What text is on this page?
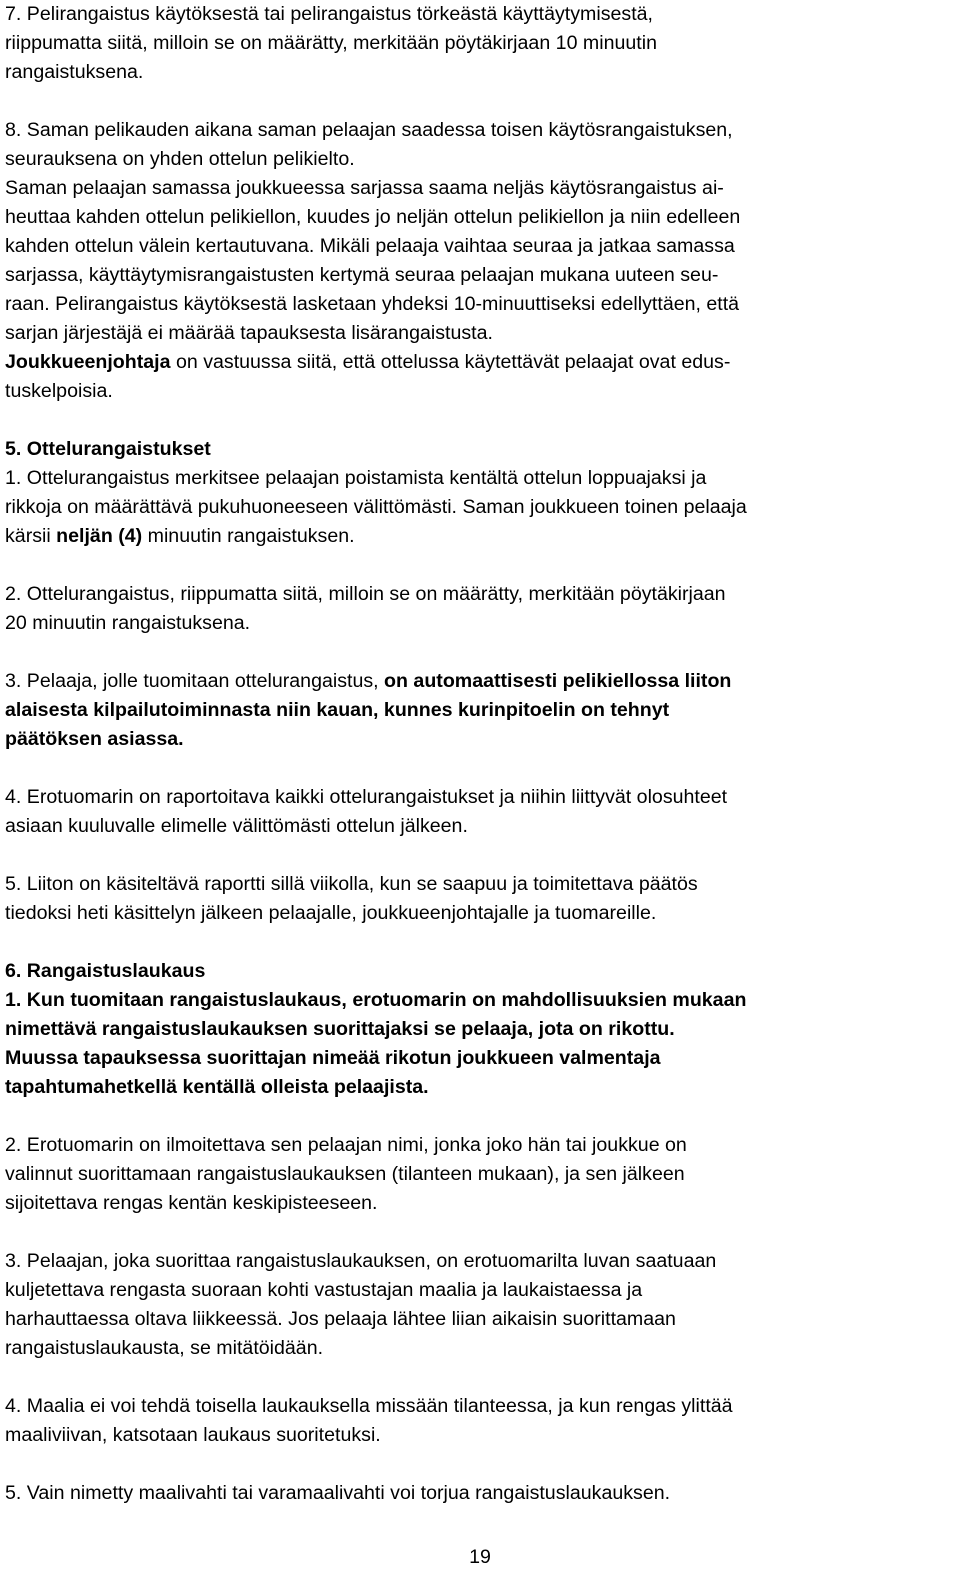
7. Pelirangaistus käytöksestä tai pelirangaistus törkeästä käyttäytymisestä,
riippumatta siitä, milloin se on määrätty, merkitään pöytäkirjaan 10 minuutin
rangaistuksena.
8. Saman pelikauden aikana saman pelaajan saadessa toisen käytösrangaistuksen,
seurauksena on yhden ottelun pelikielto.
Saman pelaajan samassa joukkueessa sarjassa saama neljäs käytösrangaistus ai-
heuttaa kahden ottelun pelikiellon, kuudes jo neljän ottelun pelikiellon ja niin edelleen
kahden ottelun välein kertautuvana. Mikäli pelaaja vaihtaa seuraa ja jatkaa samassa
sarjassa, käyttäytymisrangaistusten kertymä seuraa pelaajan mukana uuteen seu-
raan. Pelirangaistus käytöksestä lasketaan yhdeksi 10-minuuttiseksi edellyttäen, että
sarjan järjestäjä ei määrää tapauksesta lisärangaistusta.
Joukkueenjohtaja on vastuussa siitä, että ottelussa käytettävät pelaajat ovat edus-
tuskelpoisia.
5. Ottelurangaistukset
1. Ottelurangaistus merkitsee pelaajan poistamista kentältä ottelun loppuajaksi ja
rikkoja on määrättävä pukuhuoneeseen välittömästi. Saman joukkueen toinen pelaaja
kärsii neljän (4) minuutin rangaistuksen.
2. Ottelurangaistus, riippumatta siitä, milloin se on määrätty, merkitään pöytäkirjaan
20 minuutin rangaistuksena.
3. Pelaaja, jolle tuomitaan ottelurangaistus, on automaattisesti pelikiellossa liiton
alaisesta kilpailutoiminnasta niin kauan, kunnes kurinpitoelin on tehnyt
päätöksen asiassa.
4. Erotuomarin on raportoitava kaikki ottelurangaistukset ja niihin liittyvät olosuhteet
asiaan kuuluvalle elimelle välittömästi ottelun jälkeen.
5. Liiton on käsiteltävä raportti sillä viikolla, kun se saapuu ja toimitettava päätös
tiedoksi heti käsittelyn jälkeen pelaajalle, joukkueenjohtajalle ja tuomareille.
6. Rangaistuslaukaus
1. Kun tuomitaan rangaistuslaukaus, erotuomarin on mahdollisuuksien mukaan
nimettävä rangaistuslaukauksen suorittajaksi se pelaaja, jota on rikottu.
Muussa tapauksessa suorittajan nimeää rikotun joukkueen valmentaja
tapahtumahetkellä kentällä olleista pelaajista.
2. Erotuomarin on ilmoitettava sen pelaajan nimi, jonka joko hän tai joukkue on
valinnut suorittamaan rangaistuslaukauksen (tilanteen mukaan), ja sen jälkeen
sijoitettava rengas kentän keskipisteeseen.
3. Pelaajan, joka suorittaa rangaistuslaukauksen, on erotuomarilta luvan saatuaan
kuljetettava rengasta suoraan kohti vastustajan maalia ja laukaistaessa ja
harhauttaessa oltava liikkeessä. Jos pelaaja lähtee liian aikaisin suorittamaan
rangaistuslaukausta, se mitätöidään.
4. Maalia ei voi tehdä toisella laukauksella missään tilanteessa, ja kun rengas ylittää
maaliviivan, katsotaan laukaus suoritetuksi.
5. Vain nimetty maalivahti tai varamaalivahti voi torjua rangaistuslaukauksen.
19
